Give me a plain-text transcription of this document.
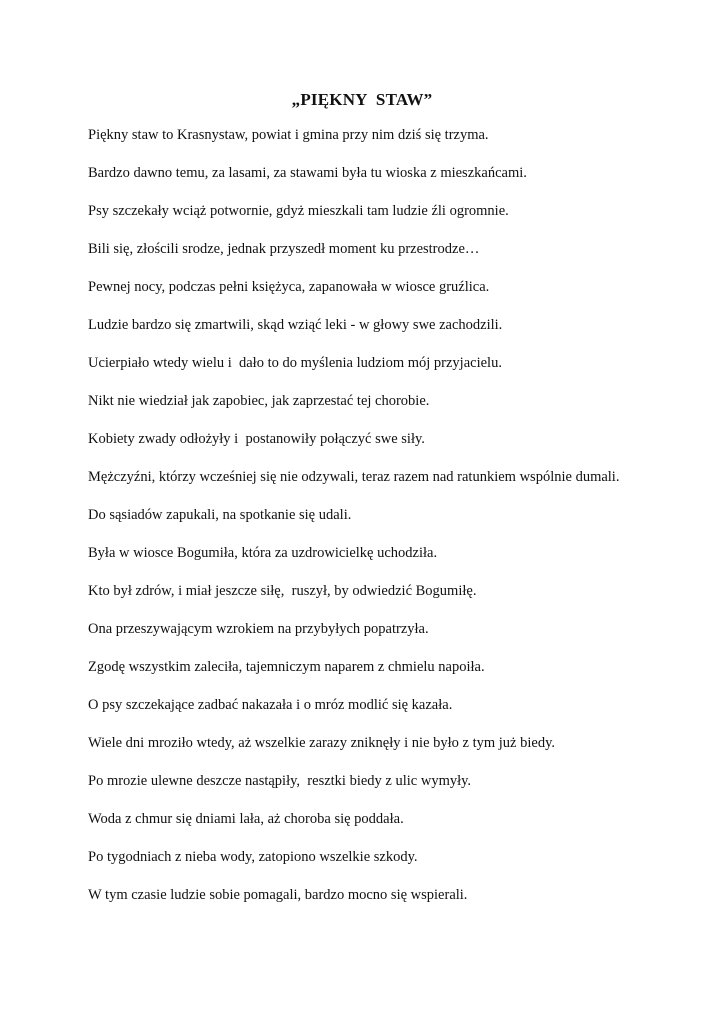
„PIĘKNY  STAW”

Piękny staw to Krasnystaw, powiat i gmina przy nim dziś się trzyma.

Bardzo dawno temu, za lasami, za stawami była tu wioska z mieszkańcami.

Psy szczekały wciąż potwornie, gdyż mieszkali tam ludzie źli ogromnie.

Bili się, złościli srodze, jednak przyszedł moment ku przestrodze…

Pewnej nocy, podczas pełni księżyca, zapanowała w wiosce gruźlica.

Ludzie bardzo się zmartwili, skąd wziąć leki - w głowy swe zachodzili.

Ucierpiało wtedy wielu i  dało to do myślenia ludziom mój przyjacielu.

Nikt nie wiedział jak zapobiec, jak zaprzestać tej chorobie.

Kobiety zwady odłożyły i  postanowiły połączyć swe siły.

Mężczyźni, którzy wcześniej się nie odzywali, teraz razem nad ratunkiem wspólnie dumali.

Do sąsiadów zapukali, na spotkanie się udali.

Była w wiosce Bogumiła, która za uzdrowicielkę uchodziła.

Kto był zdrów, i miał jeszcze siłę,  ruszył, by odwiedzić Bogumiłę.

Ona przeszywającym wzrokiem na przybyłych popatrzyła.

Zgodę wszystkim zaleciła, tajemniczym naparem z chmielu napoiła.

O psy szczekające zadbać nakazała i o mróz modlić się kazała.

Wiele dni mroziło wtedy, aż wszelkie zarazy zniknęły i nie było z tym już biedy.

Po mrozie ulewne deszcze nastąpiły,  resztki biedy z ulic wymyły.

Woda z chmur się dniami lała, aż choroba się poddała.

Po tygodniach z nieba wody, zatopiono wszelkie szkody.

W tym czasie ludzie sobie pomagali, bardzo mocno się wspierali.
